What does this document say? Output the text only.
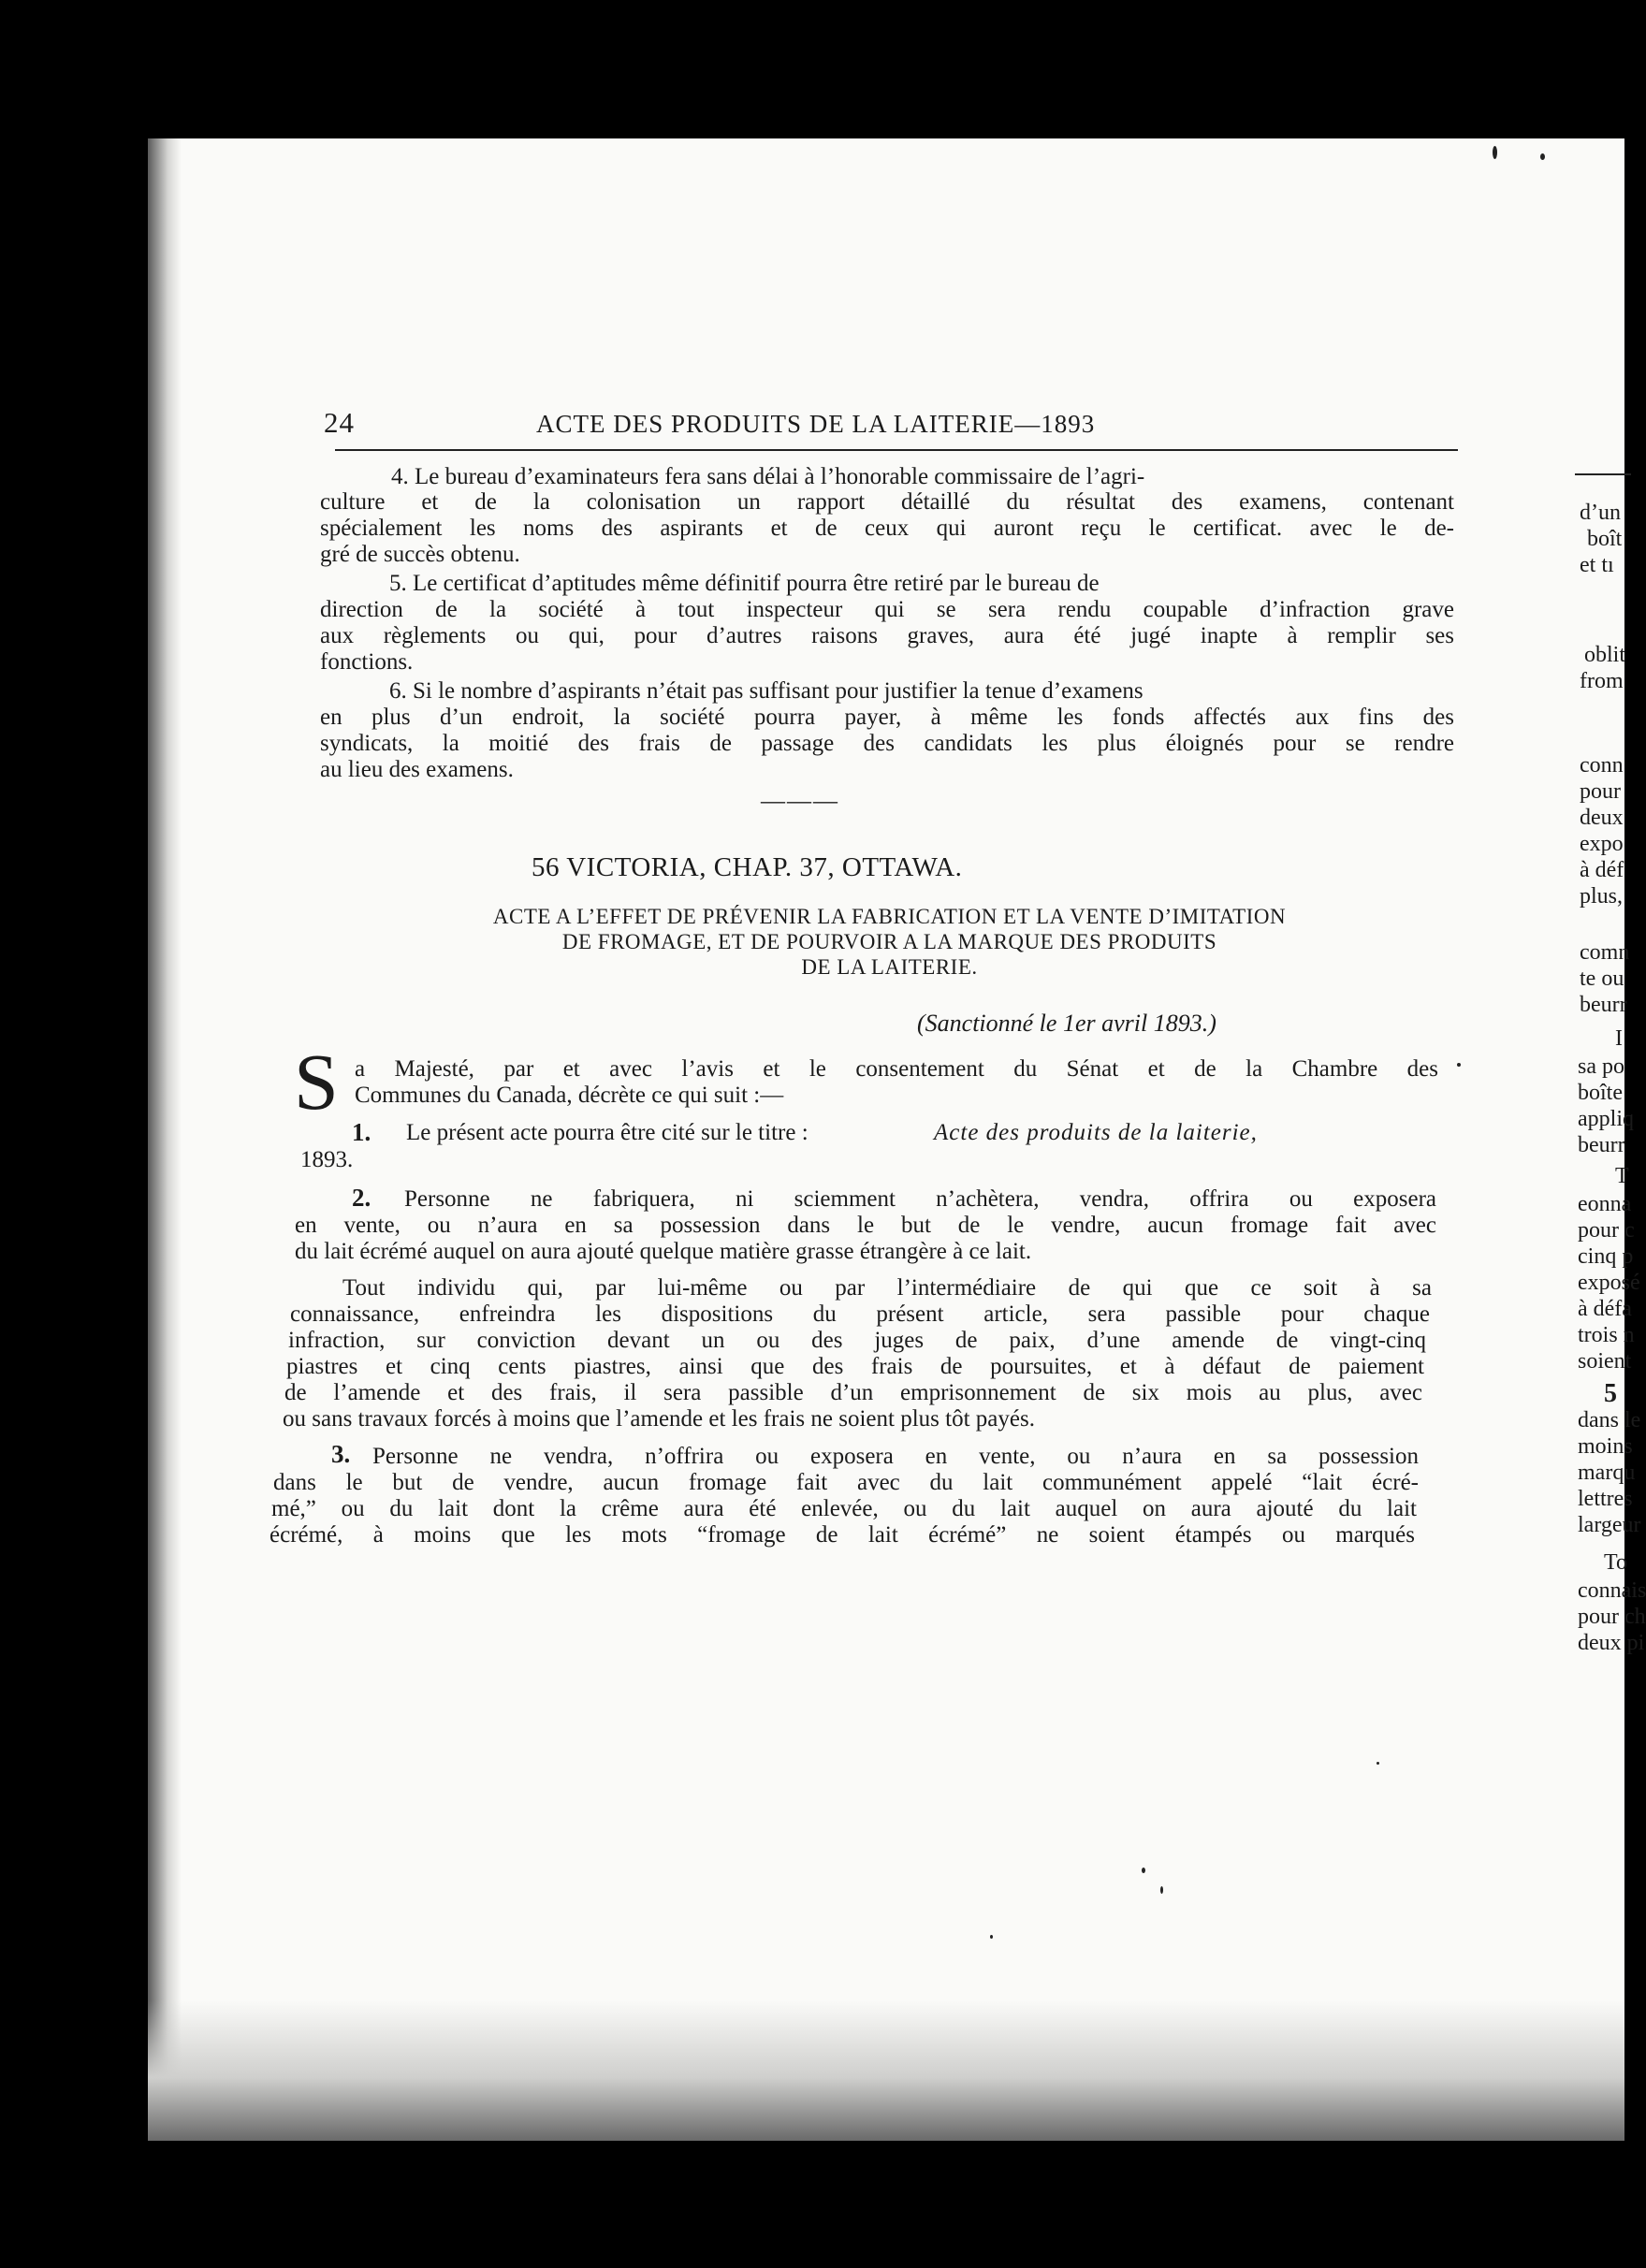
24	ACTE DES PRODUITS DE LA LAITERIE—1893
4. Le bureau d’examinateurs fera sans délai à l’honorable commissaire de l’agri-
culture et de la colonisation un rapport détaillé du résultat des examens, contenant
spécialement les noms des aspirants et de ceux qui auront reçu le certificat. avec le de-
gré de succès obtenu.
5. Le certificat d’aptitudes même définitif pourra être retiré par le bureau de
direction de la société à tout inspecteur qui se sera rendu coupable d’infraction grave
aux règlements ou qui, pour d’autres raisons graves, aura été jugé inapte à remplir ses
fonctions.
6. Si le nombre d’aspirants n’était pas suffisant pour justifier la tenue d’examens
en plus d’un endroit, la société pourra payer, à même les fonds affectés aux fins des
syndicats, la moitié des frais de passage des candidats les plus éloignés pour se rendre
au lieu des examens.
———
56 VICTORIA, CHAP. 37, OTTAWA.
ACTE A L’EFFET DE PRÉVENIR LA FABRICATION ET LA VENTE D’IMITATION
DE FROMAGE, ET DE POURVOIR A LA MARQUE DES PRODUITS
DE LA LAITERIE.
(Sanctionné le 1er avril 1893.)
S a Majesté, par et avec l’avis et le consentement du Sénat et de la Chambre des
Communes du Canada, décrète ce qui suit :—
1. Le présent acte pourra être cité sur le titre :	Acte des produits de la laiterie,
1893.
2. Personne ne fabriquera, ni sciemment n’achètera, vendra, offrira ou exposera
en vente, ou n’aura en sa possession dans le but de le vendre, aucun fromage fait avec
du lait écrémé auquel on aura ajouté quelque matière grasse étrangère à ce lait.
Tout individu qui, par lui-même ou par l’intermédiaire de qui que ce soit à sa
connaissance, enfreindra les dispositions du présent article, sera passible pour chaque
infraction, sur conviction devant un ou des juges de paix, d’une amende de vingt-cinq
piastres et cinq cents piastres, ainsi que des frais de poursuites, et à défaut de paiement
de l’amende et des frais, il sera passible d’un emprisonnement de six mois au plus, avec
ou sans travaux forcés à moins que l’amende et les frais ne soient plus tôt payés.
3. Personne ne vendra, n’offrira ou exposera en vente, ou n’aura en sa possession
dans le but de vendre, aucun fromage fait avec du lait communément appelé “lait écré-
mé,” ou du lait dont la crême aura été enlevée, ou du lait auquel on aura ajouté du lait
écrémé, à moins que les mots “fromage de lait écrémé” ne soient étampés ou marqués
d’un
boît
et tı
oblit
from
conn
pour
deux
expo
à déf
plus,
comn
te ou
beurr
I
sa po
boîte
appliq
beurr
T
eonna
pour c
cinq p
exposé
à défa
trois n
soient
5
dans le
moins
marqu
lettres
largeur
To
connais
pour ch
deux pi
